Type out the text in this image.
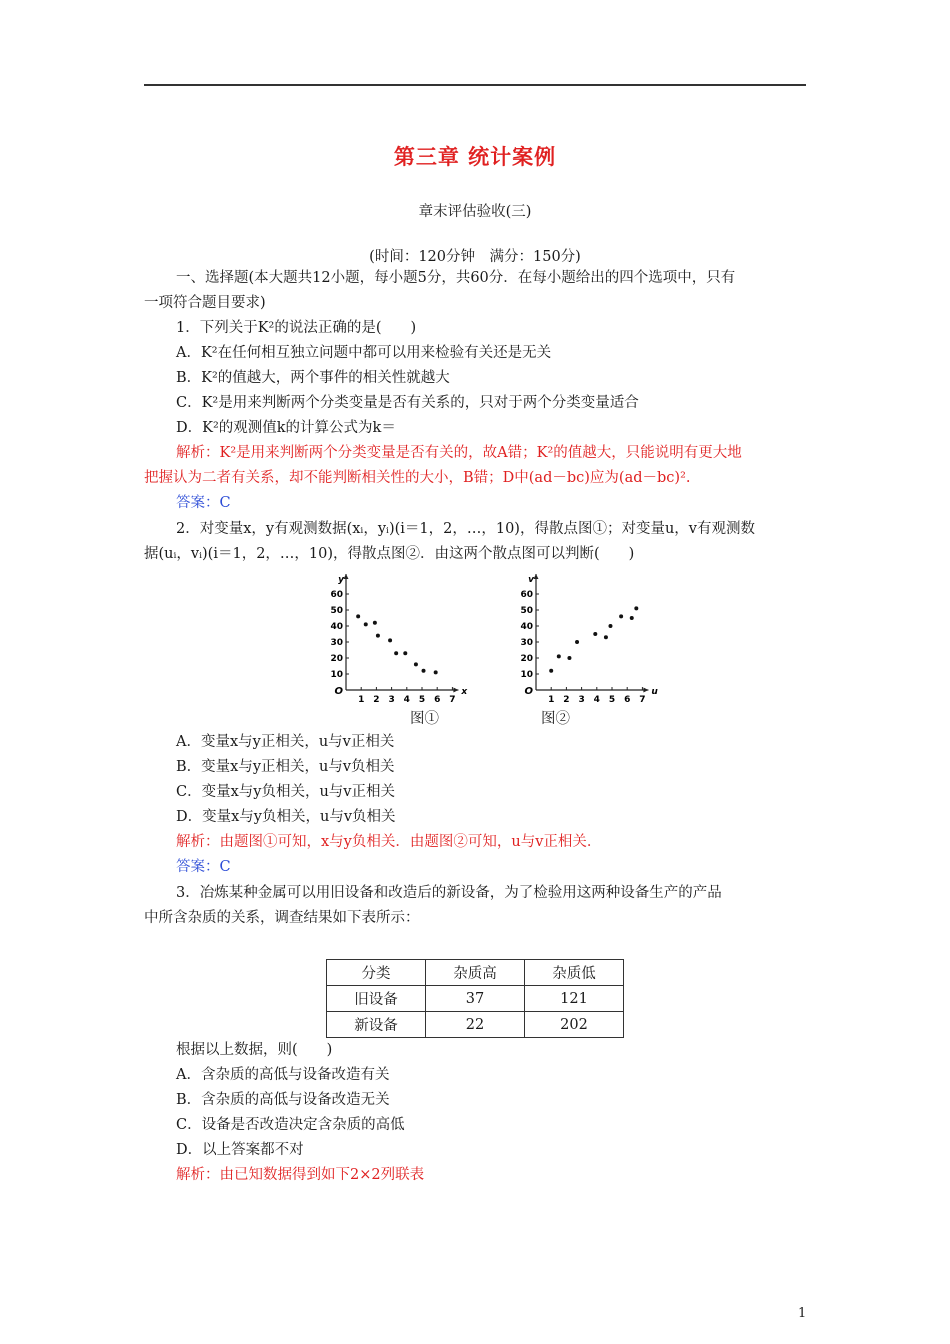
第三章 统计案例
章末评估验收(三)
(时间：120分钟　满分：150分)
一、选择题(本大题共12小题，每小题5分，共60分．在每小题给出的四个选项中，只有
一项符合题目要求)
1．下列关于K²的说法正确的是(　　)
A．K²在任何相互独立问题中都可以用来检验有关还是无关
B．K²的值越大，两个事件的相关性就越大
C．K²是用来判断两个分类变量是否有关系的，只对于两个分类变量适合
D．K²的观测值k的计算公式为k＝
解析：K²是用来判断两个分类变量是否有关的，故A错；K²的值越大，只能说明有更大地
把握认为二者有关系，却不能判断相关性的大小，B错；D中(ad－bc)应为(ad－bc)².
答案：C
2．对变量x，y有观测数据(xᵢ，yᵢ)(i＝1，2，…，10)，得散点图①；对变量u，v有观测数
据(uᵢ，vᵢ)(i＝1，2，…，10)，得散点图②．由这两个散点图可以判断(　　)
y
x
O
1 2 3 4 5 6 7
10
20
30
40
50
60
v
u
O
1 2 3 4 5 6 7
10
20
30
40
50
60
图①	图②
A．变量x与y正相关，u与v正相关
B．变量x与y正相关，u与v负相关
C．变量x与y负相关，u与v正相关
D．变量x与y负相关，u与v负相关
解析：由题图①可知，x与y负相关．由题图②可知，u与v正相关．
答案：C
3．冶炼某种金属可以用旧设备和改造后的新设备，为了检验用这两种设备生产的产品
中所含杂质的关系，调查结果如下表所示：
分类	杂质高	杂质低
旧设备	37	121
新设备	22	202
根据以上数据，则(　　)
A．含杂质的高低与设备改造有关
B．含杂质的高低与设备改造无关
C．设备是否改造决定含杂质的高低
D．以上答案都不对
解析：由已知数据得到如下2×2列联表
1
